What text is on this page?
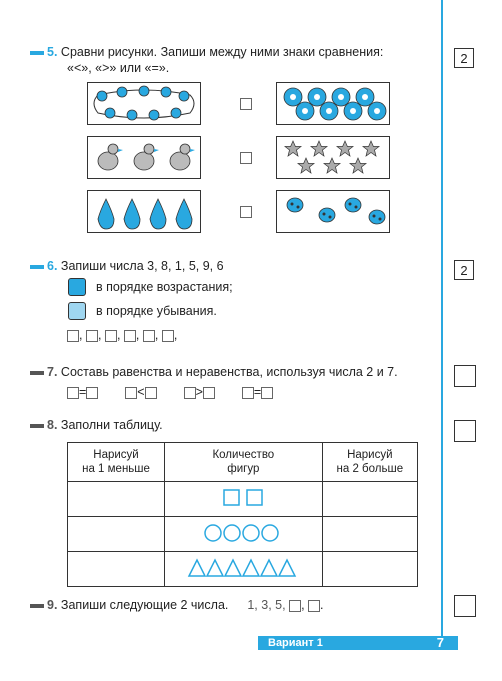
2
2
5. Сравни рисунки. Запиши между ними знаки сравнения:
«<», «>» или «=».
6. Запиши числа 3, 8, 1, 5, 9, 6
в порядке возрастания;
в порядке убывания.
, , , , , ,
7. Составь равенства и неравенства, используя числа 2 и 7.
=	<	>	=
8. Заполни таблицу.
Нарисуй
на 1 меньше	Количество
фигур	Нарисуй
на 2 больше

9. Запиши следующие 2 числа. 1, 3, 5, , .
Вариант 1	7
